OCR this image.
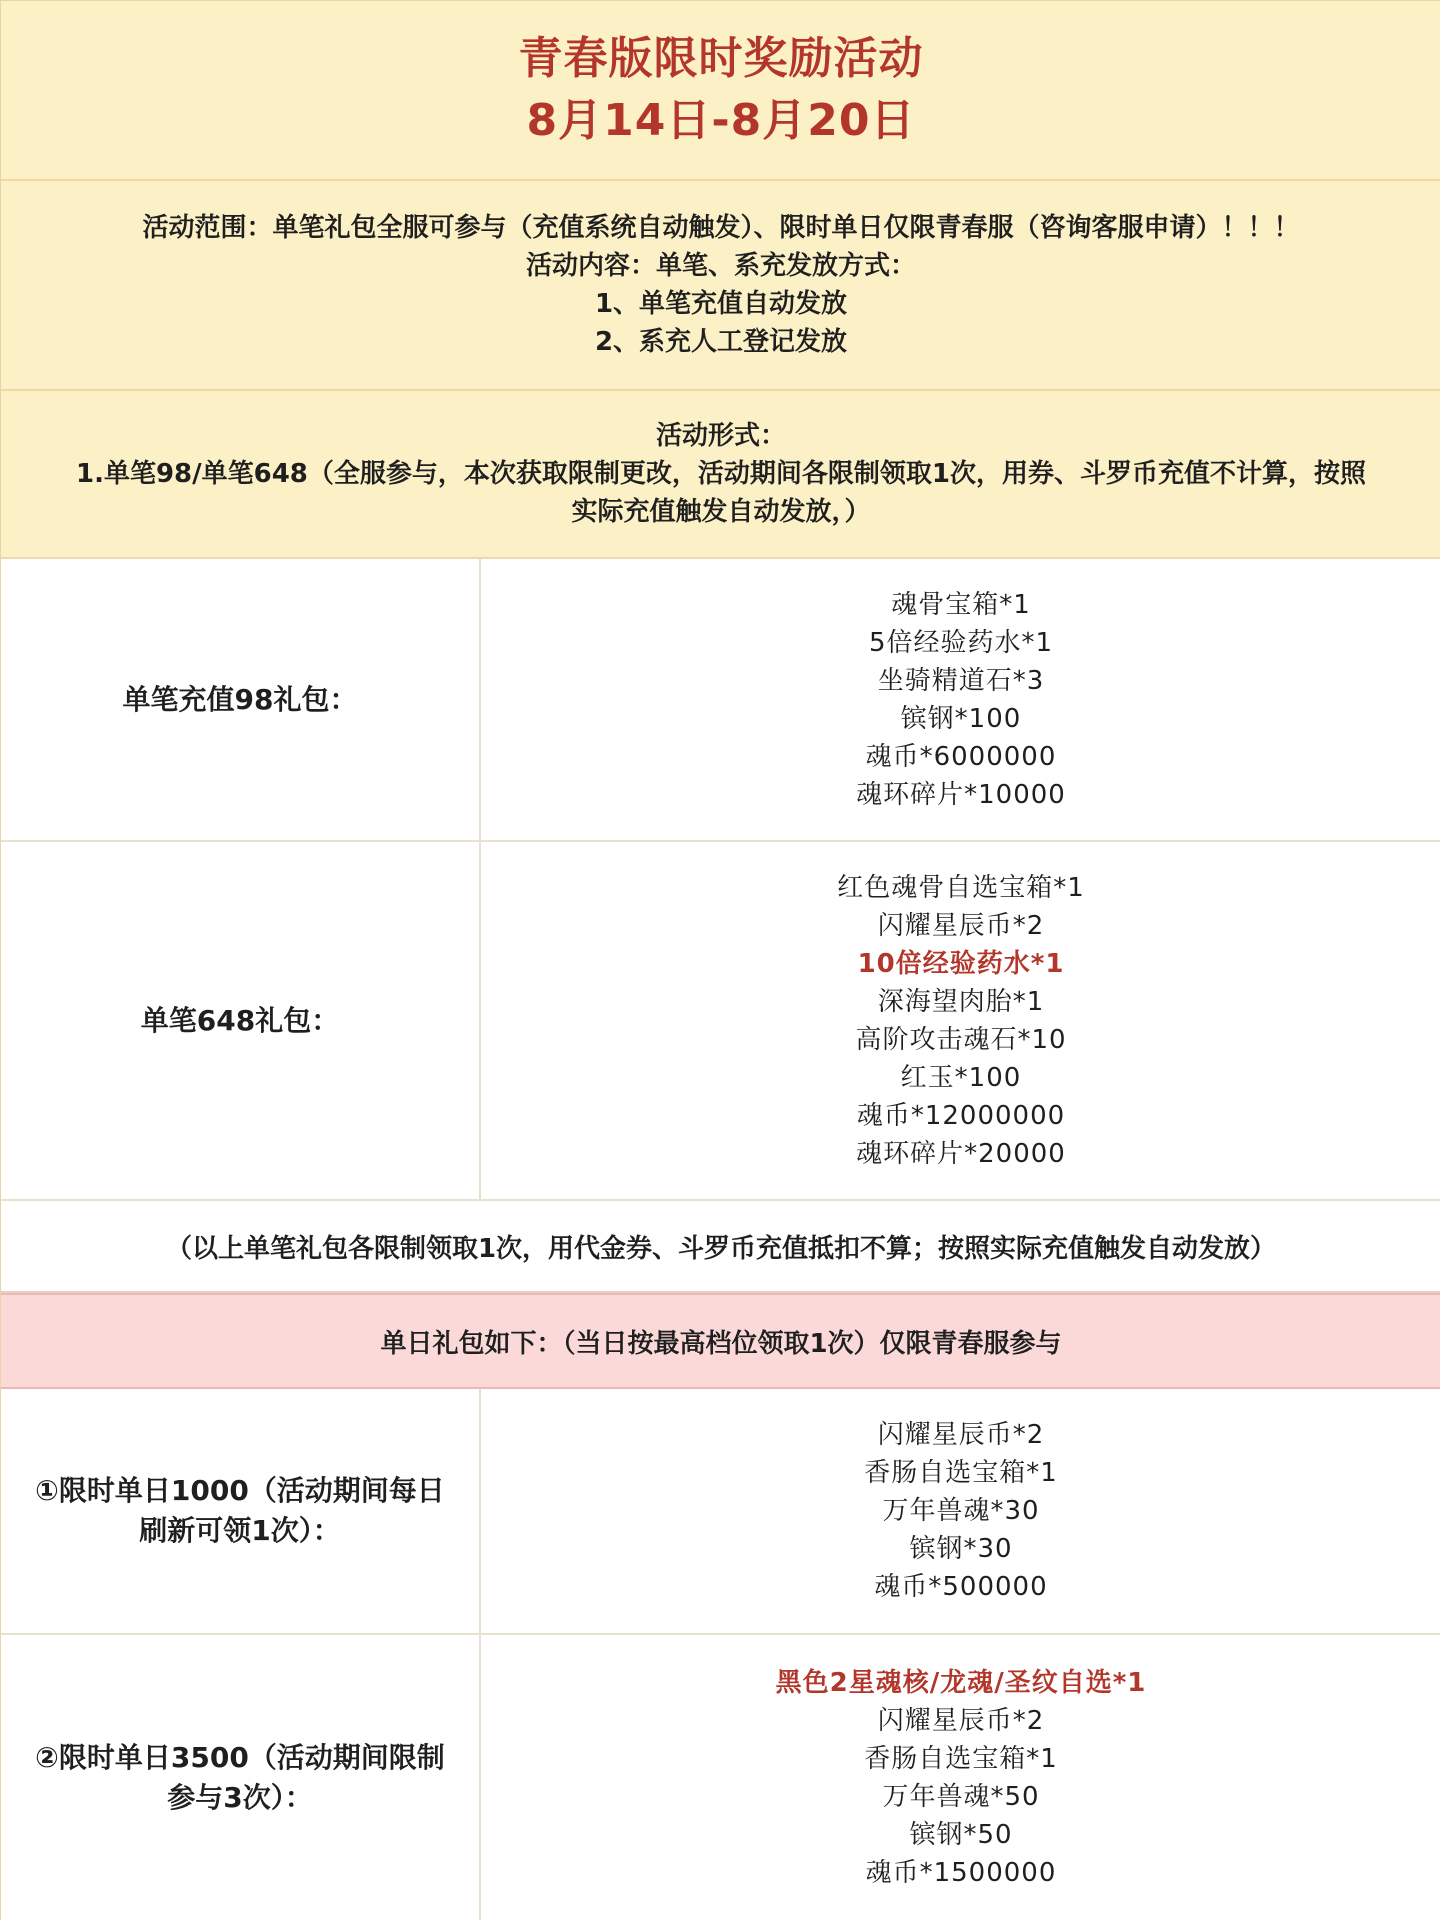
青春版限时奖励活动
8月14日-8月20日
活动范围：单笔礼包全服可参与（充值系统自动触发）、限时单日仅限青春服（咨询客服申请）！！！
活动内容：单笔、系充发放方式：
1、单笔充值自动发放
2、系充人工登记发放
活动形式：
1.单笔98/单笔648（全服参与，本次获取限制更改，活动期间各限制领取1次，用券、斗罗币充值不计算，按照
实际充值触发自动发放，）
单笔充值98礼包：
魂骨宝箱*1
5倍经验药水*1
坐骑精道石*3
镔钢*100
魂币*6000000
魂环碎片*10000
单笔648礼包：
红色魂骨自选宝箱*1
闪耀星辰币*2
10倍经验药水*1
深海望肉胎*1
高阶攻击魂石*10
红玉*100
魂币*12000000
魂环碎片*20000
（以上单笔礼包各限制领取1次，用代金券、斗罗币充值抵扣不算；按照实际充值触发自动发放）
单日礼包如下：（当日按最高档位领取1次）仅限青春服参与
①限时单日1000（活动期间每日
刷新可领1次）：
闪耀星辰币*2
香肠自选宝箱*1
万年兽魂*30
镔钢*30
魂币*500000
②限时单日3500（活动期间限制
参与3次）：
黑色2星魂核/龙魂/圣纹自选*1
闪耀星辰币*2
香肠自选宝箱*1
万年兽魂*50
镔钢*50
魂币*1500000
